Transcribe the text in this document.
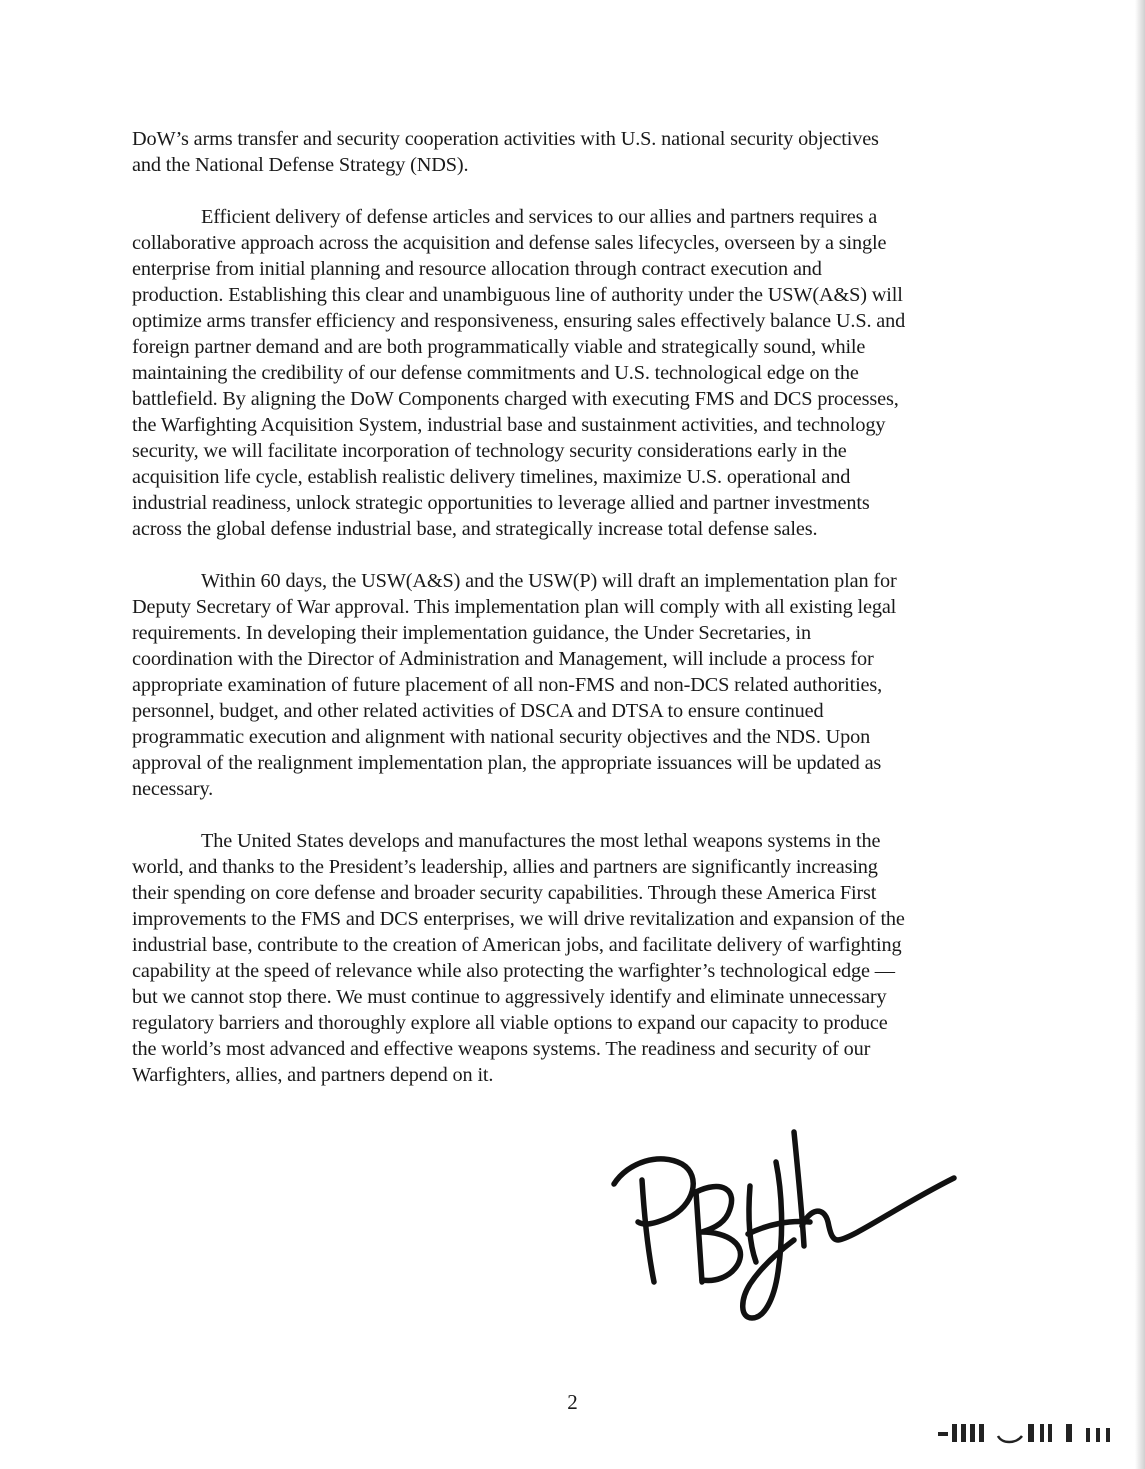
DoW’s arms transfer and security cooperation activities with U.S. national security objectives
and the National Defense Strategy (NDS).

Efficient delivery of defense articles and services to our allies and partners requires a
collaborative approach across the acquisition and defense sales lifecycles, overseen by a single
enterprise from initial planning and resource allocation through contract execution and
production. Establishing this clear and unambiguous line of authority under the USW(A&S) will
optimize arms transfer efficiency and responsiveness, ensuring sales effectively balance U.S. and
foreign partner demand and are both programmatically viable and strategically sound, while
maintaining the credibility of our defense commitments and U.S. technological edge on the
battlefield. By aligning the DoW Components charged with executing FMS and DCS processes,
the Warfighting Acquisition System, industrial base and sustainment activities, and technology
security, we will facilitate incorporation of technology security considerations early in the
acquisition life cycle, establish realistic delivery timelines, maximize U.S. operational and
industrial readiness, unlock strategic opportunities to leverage allied and partner investments
across the global defense industrial base, and strategically increase total defense sales.

Within 60 days, the USW(A&S) and the USW(P) will draft an implementation plan for
Deputy Secretary of War approval. This implementation plan will comply with all existing legal
requirements. In developing their implementation guidance, the Under Secretaries, in
coordination with the Director of Administration and Management, will include a process for
appropriate examination of future placement of all non-FMS and non-DCS related authorities,
personnel, budget, and other related activities of DSCA and DTSA to ensure continued
programmatic execution and alignment with national security objectives and the NDS. Upon
approval of the realignment implementation plan, the appropriate issuances will be updated as
necessary.

The United States develops and manufactures the most lethal weapons systems in the
world, and thanks to the President’s leadership, allies and partners are significantly increasing
their spending on core defense and broader security capabilities. Through these America First
improvements to the FMS and DCS enterprises, we will drive revitalization and expansion of the
industrial base, contribute to the creation of American jobs, and facilitate delivery of warfighting
capability at the speed of relevance while also protecting the warfighter’s technological edge —
but we cannot stop there. We must continue to aggressively identify and eliminate unnecessary
regulatory barriers and thoroughly explore all viable options to expand our capacity to produce
the world’s most advanced and effective weapons systems. The readiness and security of our
Warfighters, allies, and partners depend on it.

2
